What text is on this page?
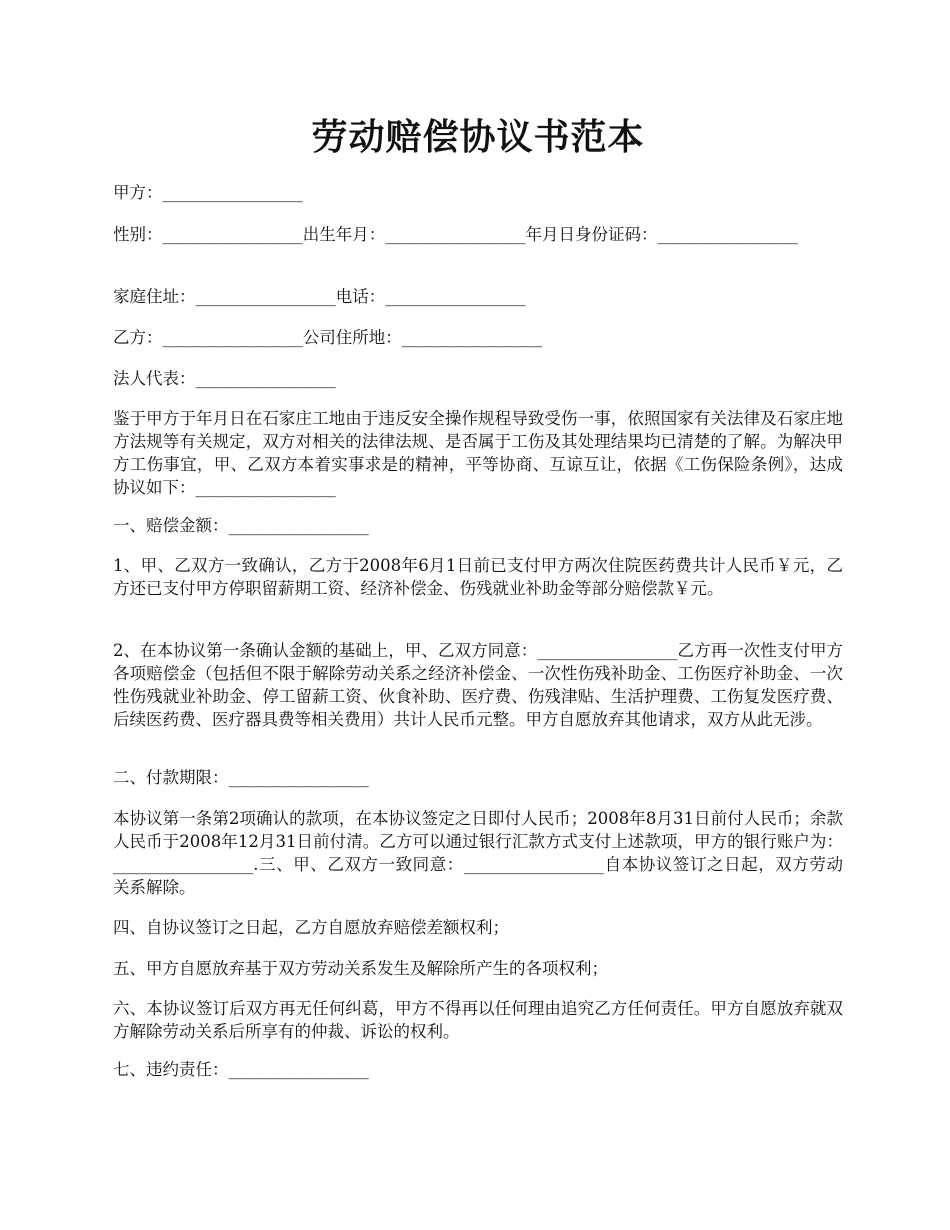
劳动赔偿协议书范本
甲方：_________________
性别：_________________出生年月：_________________年月日身份证码：_________________
家庭住址：_________________电话：_________________
乙方：_________________公司住所地：_________________
法人代表：_________________
鉴于甲方于年月日在石家庄工地由于违反安全操作规程导致受伤一事，依照国家有关法律及石家庄地方法规等有关规定，双方对相关的法律法规、是否属于工伤及其处理结果均已清楚的了解。为解决甲方工伤事宜，甲、乙双方本着实事求是的精神，平等协商、互谅互让，依据《工伤保险条例》，达成协议如下：_________________
一、赔偿金额：_________________
1、甲、乙双方一致确认，乙方于2008年6月1日前已支付甲方两次住院医药费共计人民币￥元，乙方还已支付甲方停职留薪期工资、经济补偿金、伤残就业补助金等部分赔偿款￥元。
2、在本协议第一条确认金额的基础上，甲、乙双方同意：_________________乙方再一次性支付甲方各项赔偿金（包括但不限于解除劳动关系之经济补偿金、一次性伤残补助金、工伤医疗补助金、一次性伤残就业补助金、停工留薪工资、伙食补助、医疗费、伤残津贴、生活护理费、工伤复发医疗费、后续医药费、医疗器具费等相关费用）共计人民币元整。甲方自愿放弃其他请求，双方从此无涉。
二、付款期限：_________________
本协议第一条第2项确认的款项，在本协议签定之日即付人民币；2008年8月31日前付人民币；余款人民币于2008年12月31日前付清。乙方可以通过银行汇款方式支付上述款项，甲方的银行账户为：_________________.三、甲、乙双方一致同意：_________________自本协议签订之日起，双方劳动关系解除。
四、自协议签订之日起，乙方自愿放弃赔偿差额权利；
五、甲方自愿放弃基于双方劳动关系发生及解除所产生的各项权利；
六、本协议签订后双方再无任何纠葛，甲方不得再以任何理由追究乙方任何责任。甲方自愿放弃就双方解除劳动关系后所享有的仲裁、诉讼的权利。
七、违约责任：_________________
